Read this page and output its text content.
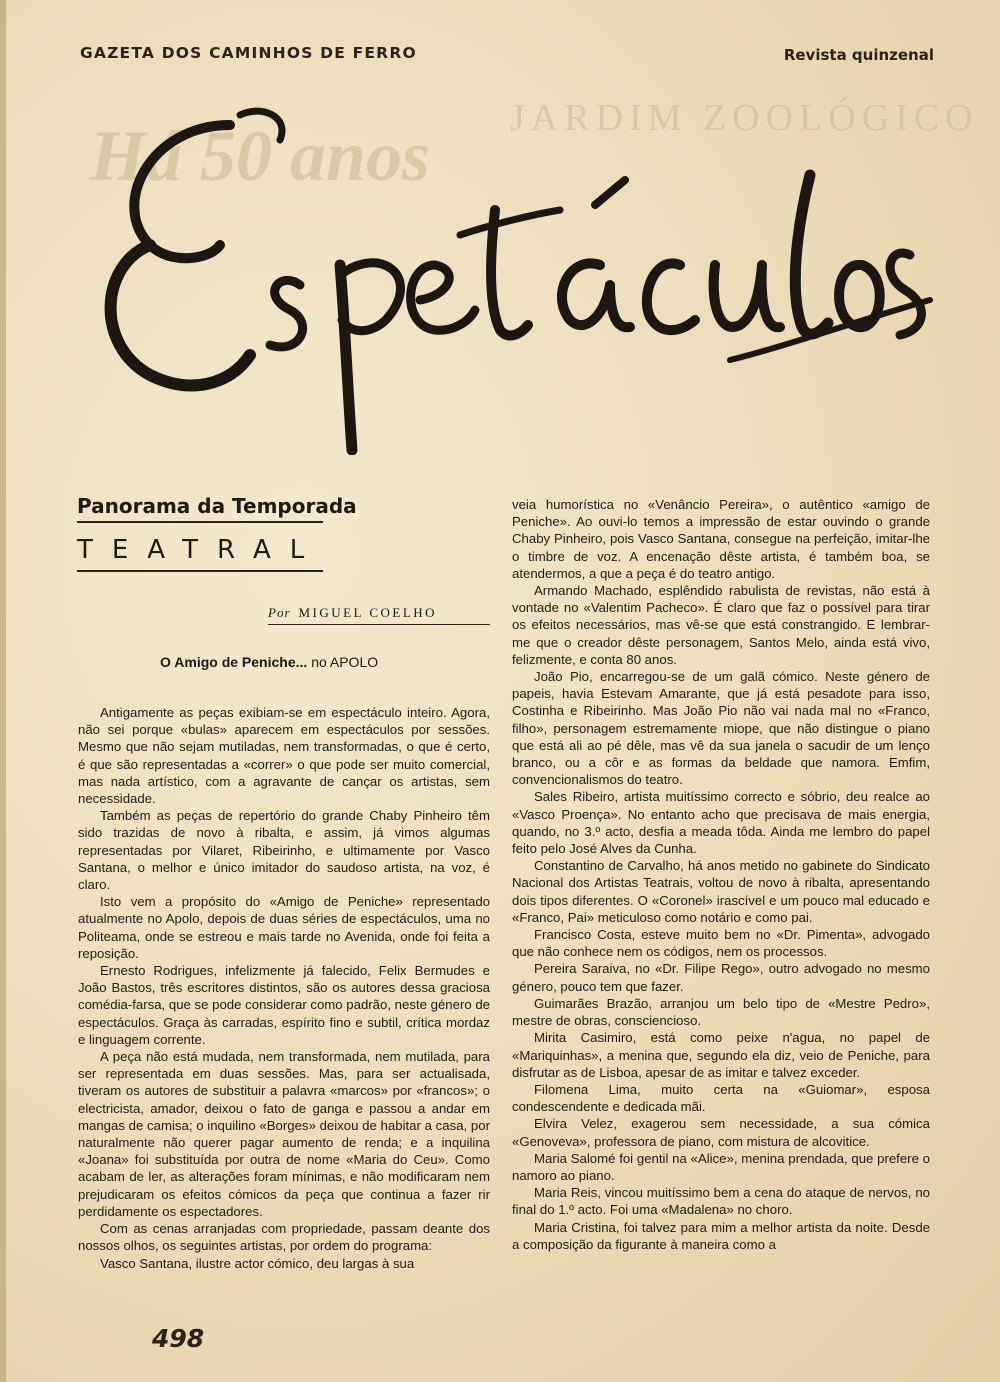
JARDIM ZOOLÓGICO
Há 50 anos
GAZETA DOS CAMINHOS DE FERRO	Revista quinzenal
Panorama da Temporada
TEATRAL
Por MIGUEL COELHO
O Amigo de Peniche... no APOLO

Antigamente as peças exibiam-se em espectáculo inteiro. Agora, não sei porque «bulas» aparecem em espectáculos por sessões. Mesmo que não sejam mutiladas, nem transformadas, o que é certo, é que são representadas a «correr» o que pode ser muito comercial, mas nada artístico, com a agravante de cançar os artistas, sem necessidade.

Também as peças de repertório do grande Chaby Pinheiro têm sido trazidas de novo à ribalta, e assim, já vimos algumas representadas por Vilaret, Ribeirinho, e ultimamente por Vasco Santana, o melhor e único imitador do saudoso artista, na voz, é claro.

Isto vem a propósito do «Amigo de Peniche» representado atualmente no Apolo, depois de duas séries de espectáculos, uma no Politeama, onde se estreou e mais tarde no Avenida, onde foi feita a reposição.

Ernesto Rodrigues, infelizmente já falecido, Felix Bermudes e João Bastos, três escritores distintos, são os autores dessa graciosa comédia-farsa, que se pode considerar como padrão, neste género de espectáculos. Graça às carradas, espírito fino e subtil, crítica mordaz e linguagem corrente.

A peça não está mudada, nem transformada, nem mutilada, para ser representada em duas sessões. Mas, para ser actualisada, tiveram os autores de substituir a palavra «marcos» por «francos»; o electricista, amador, deixou o fato de ganga e passou a andar em mangas de camisa; o inquilino «Borges» deixou de habitar a casa, por naturalmente não querer pagar aumento de renda; e a inquilina «Joana» foi substituída por outra de nome «Maria do Ceu». Como acabam de ler, as alterações foram mínimas, e não modificaram nem prejudicaram os efeitos cómicos da peça que continua a fazer rir perdidamente os espectadores.

Com as cenas arranjadas com propriedade, passam deante dos nossos olhos, os seguintes artistas, por ordem do programa:

Vasco Santana, ilustre actor cómico, deu largas à sua

veia humorística no «Venâncio Pereira», o autêntico «amigo de Peniche». Ao ouvi-lo temos a impressão de estar ouvindo o grande Chaby Pinheiro, pois Vasco Santana, consegue na perfeição, imitar-lhe o timbre de voz. A encenação dêste artista, é também boa, se atendermos, a que a peça é do teatro antigo.

Armando Machado, esplêndido rabulista de revistas, não está à vontade no «Valentim Pacheco». É claro que faz o possível para tirar os efeitos necessários, mas vê-se que está constrangido. E lembrar-me que o creador dêste personagem, Santos Melo, ainda está vivo, felizmente, e conta 80 anos.

João Pio, encarregou-se de um galã cómico. Neste género de papeis, havia Estevam Amarante, que já está pesadote para isso, Costinha e Ribeirinho. Mas João Pio não vai nada mal no «Franco, filho», personagem estremamente miope, que não distingue o piano que está ali ao pé dêle, mas vê da sua janela o sacudir de um lenço branco, ou a côr e as formas da beldade que namora. Emfim, convencionalismos do teatro.

Sales Ribeiro, artista muitíssimo correcto e sóbrio, deu realce ao «Vasco Proença». No entanto acho que precisava de mais energia, quando, no 3.º acto, desfia a meada tôda. Ainda me lembro do papel feito pelo José Alves da Cunha.

Constantino de Carvalho, há anos metido no gabinete do Sindicato Nacional dos Artistas Teatrais, voltou de novo à ribalta, apresentando dois tipos diferentes. O «Coronel» irascível e um pouco mal educado e «Franco, Pai» meticuloso como notário e como pai.

Francisco Costa, esteve muito bem no «Dr. Pimenta», advogado que não conhece nem os códigos, nem os processos.

Pereira Saraiva, no «Dr. Filipe Rego», outro advogado no mesmo género, pouco tem que fazer.

Guimarães Brazão, arranjou um belo tipo de «Mestre Pedro», mestre de obras, consciencioso.

Mirita Casimiro, está como peixe n'agua, no papel de «Mariquinhas», a menina que, segundo ela diz, veio de Peniche, para disfrutar as de Lisboa, apesar de as imitar e talvez exceder.

Filomena Lima, muito certa na «Guiomar», esposa condescendente e dedicada mãi.

Elvira Velez, exagerou sem necessidade, a sua cómica «Genoveva», professora de piano, com mistura de alcovitice.

Maria Salomé foi gentil na «Alice», menina prendada, que prefere o namoro ao piano.

Maria Reis, vincou muitíssimo bem a cena do ataque de nervos, no final do 1.º acto. Foi uma «Madalena» no choro.

Maria Cristina, foi talvez para mim a melhor artista da noite. Desde a composição da figurante à maneira como a

498
